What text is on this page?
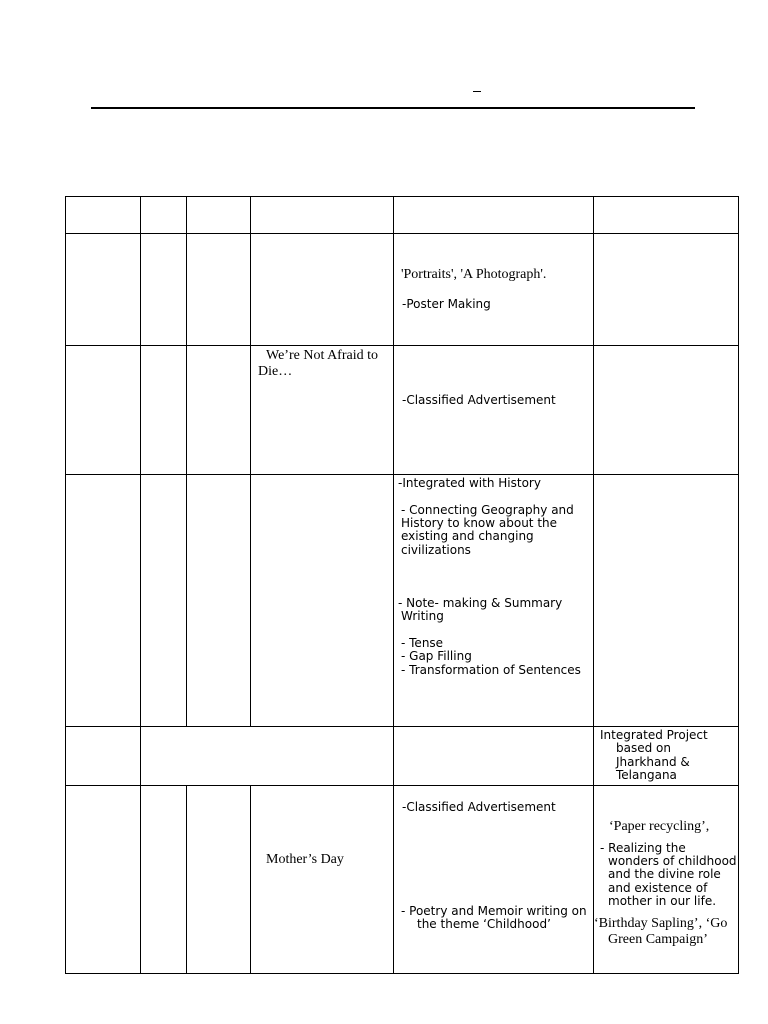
'Portraits', 'A Photograph'.
-Poster Making
We’re Not Afraid to
Die…
-Classified Advertisement
-Integrated with History
- Connecting Geography and
History to know about the
existing and changing
civilizations
- Note- making & Summary
Writing
- Tense
- Gap Filling
- Transformation of Sentences
Integrated Project
based on
Jharkhand &
Telangana
Mother’s Day
-Classified Advertisement
- Poetry and Memoir writing on
the theme ‘Childhood’
‘Paper recycling’,
- Realizing the
wonders of childhood
and the divine role
and existence of
mother in our life.
‘Birthday Sapling’, ‘Go
Green Campaign’
